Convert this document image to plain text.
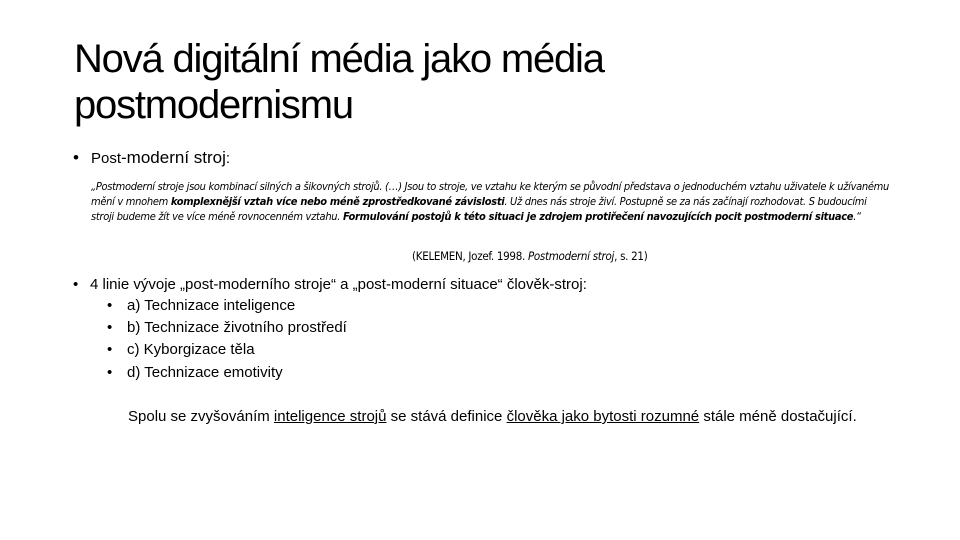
Nová digitální média jako média
postmodernismu
• Post-moderní stroj:
„Postmoderní stroje jsou kombinací silných a šikovných strojů. (…) Jsou to stroje, ve vztahu ke kterým se původní představa o jednoduchém vztahu uživatele k užívanému mění v mnohem komplexnější vztah více nebo méně zprostředkované závislosti. Už dnes nás stroje živí. Postupně se za nás začínají rozhodovat. S budoucími stroji budeme žít ve více méně rovnocenném vztahu. Formulování postojů k této situaci je zdrojem protiřečení navozujících pocit postmoderní situace.“
(KELEMEN, Jozef. 1998. Postmoderní stroj, s. 21)
• 4 linie vývoje „post-moderního stroje“ a „post-moderní situace“ člověk-stroj:
• a) Technizace inteligence
• b) Technizace životního prostředí
• c) Kyborgizace těla
• d) Technizace emotivity
Spolu se zvyšováním inteligence strojů se stává definice člověka jako bytosti rozumné stále méně dostačující.
